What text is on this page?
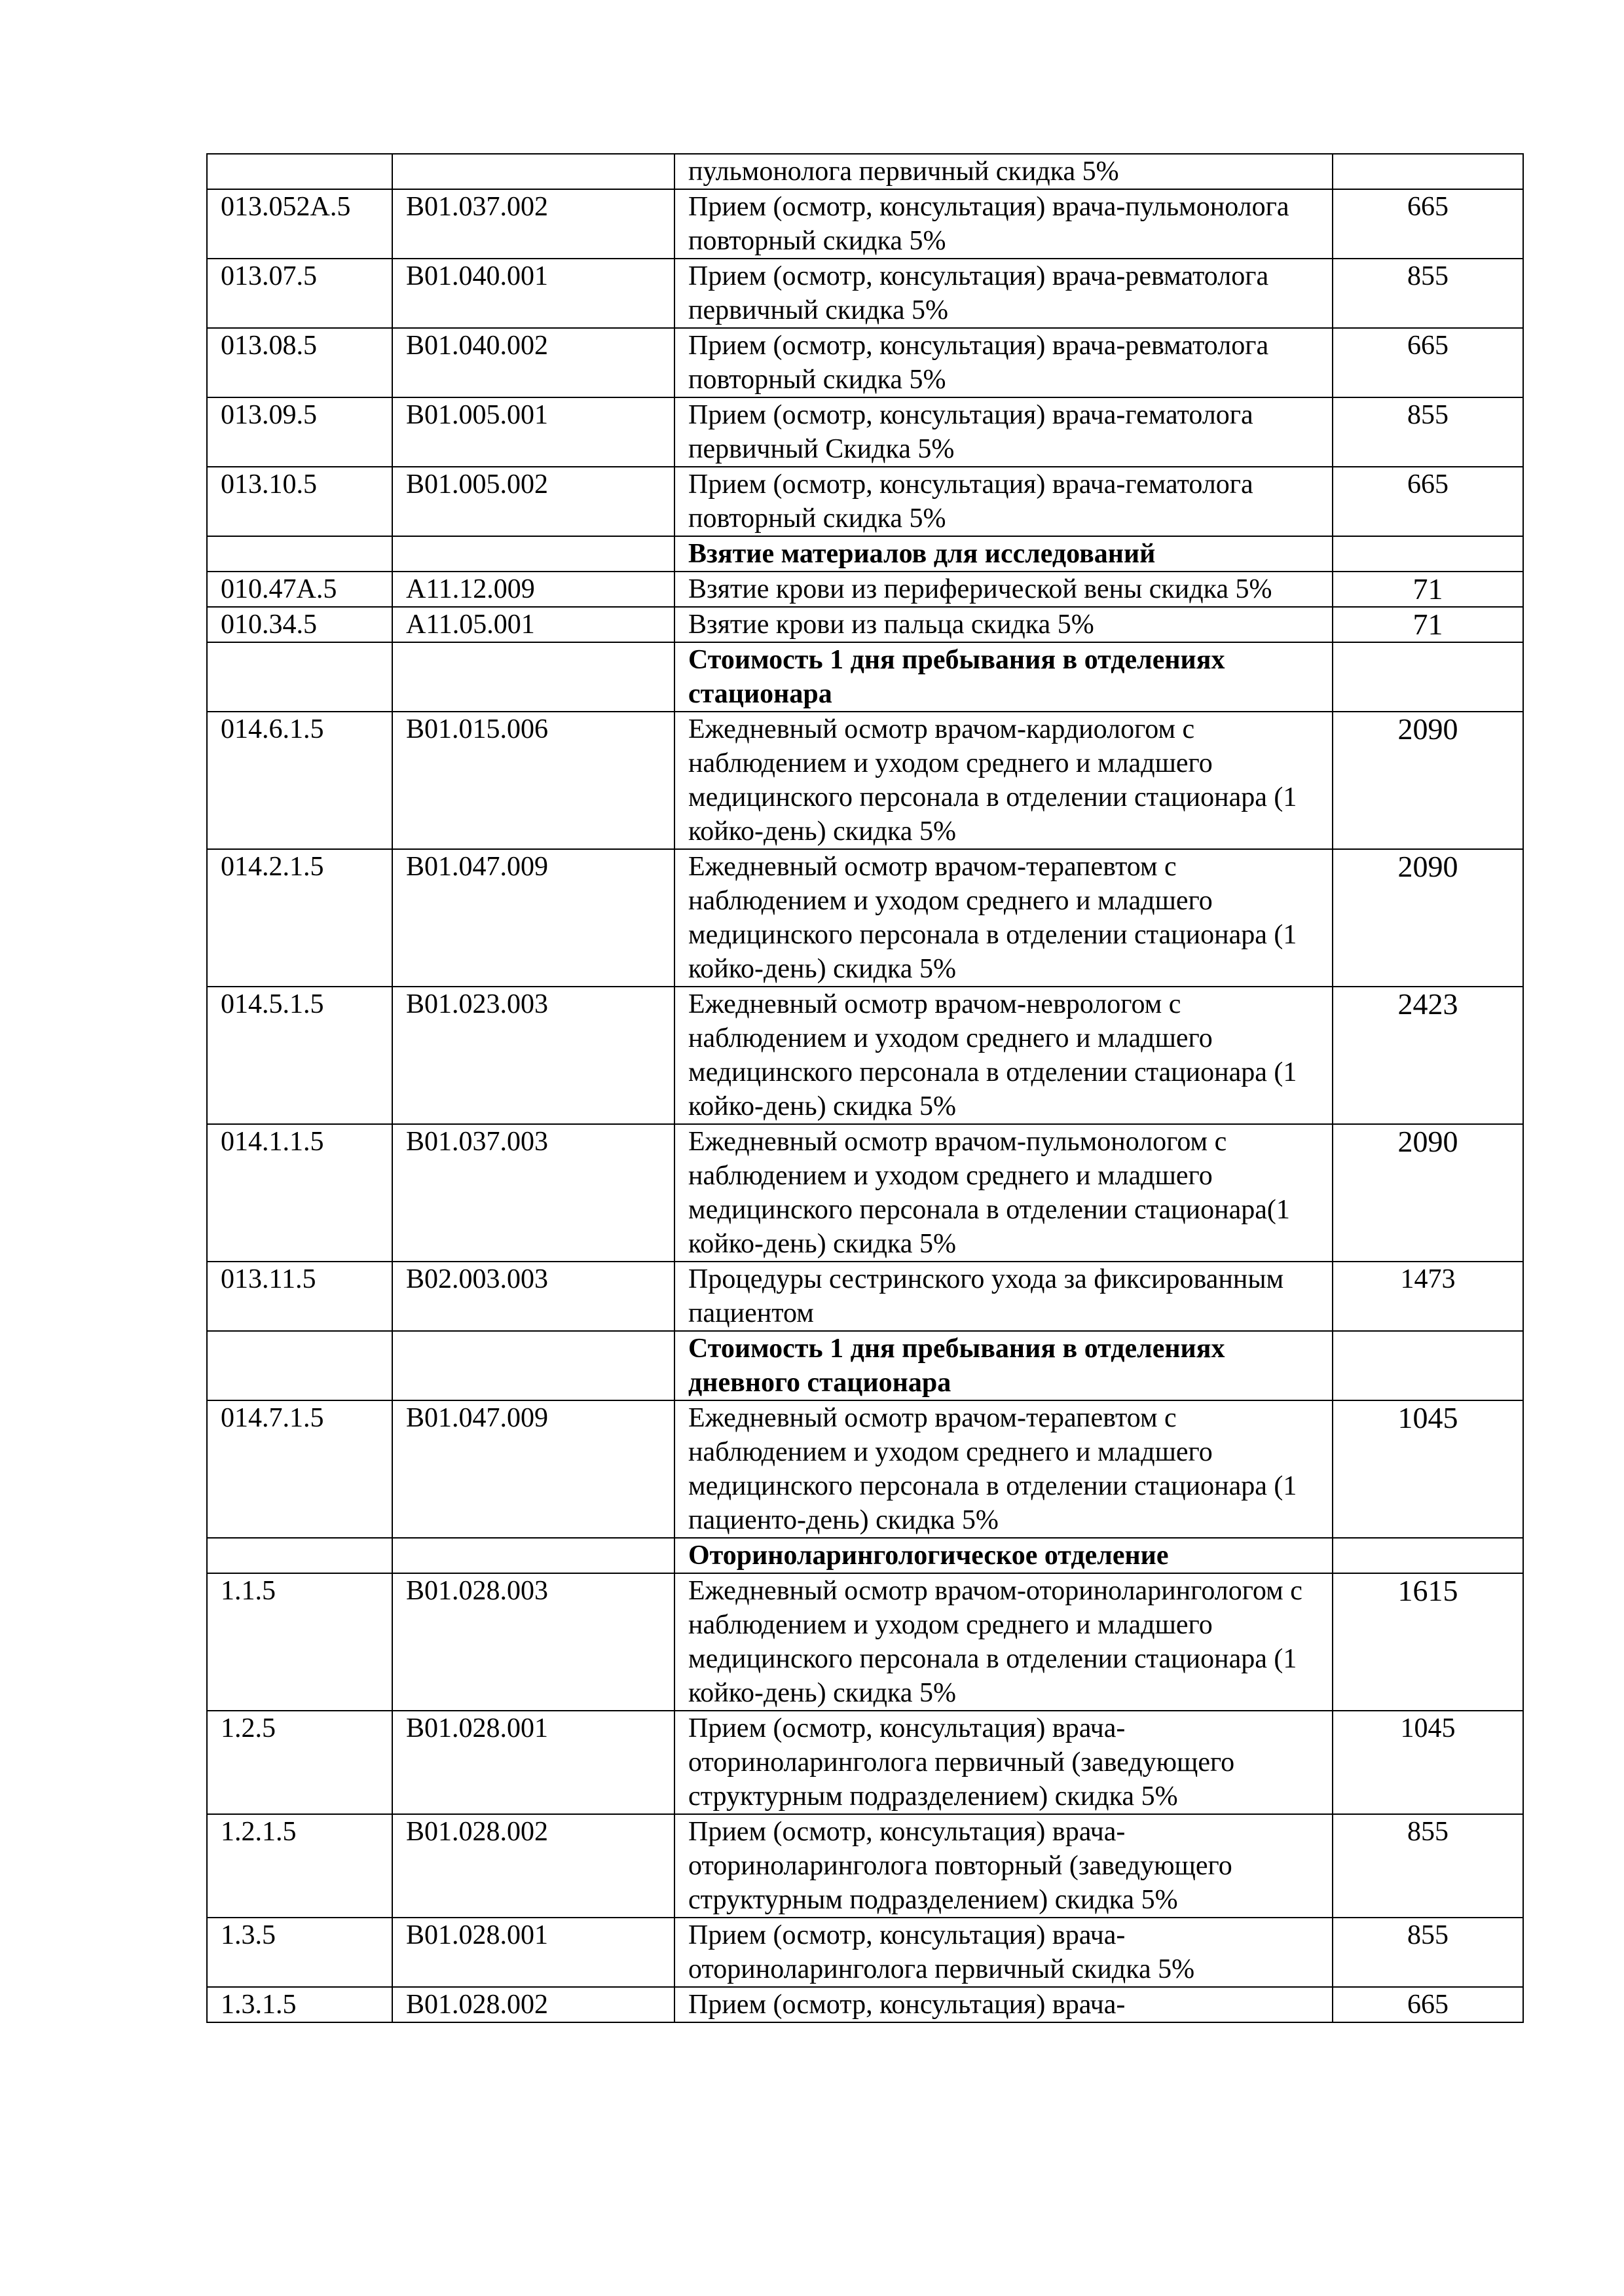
		пульмонолога первичный скидка 5%	
013.052А.5	В01.037.002	Прием (осмотр, консультация) врача-пульмонолога повторный скидка 5%	665
013.07.5	В01.040.001	Прием (осмотр, консультация) врача-ревматолога первичный скидка 5%	855
013.08.5	В01.040.002	Прием (осмотр, консультация) врача-ревматолога повторный скидка 5%	665
013.09.5	В01.005.001	Прием (осмотр, консультация) врача-гематолога первичный Скидка 5%	855
013.10.5	В01.005.002	Прием (осмотр, консультация) врача-гематолога повторный скидка 5%	665
		Взятие материалов для исследований	
010.47А.5	А11.12.009	Взятие крови из периферической вены скидка 5%	71
010.34.5	А11.05.001	Взятие крови из пальца скидка 5%	71
		Стоимость 1 дня пребывания в отделениях стационара	
014.6.1.5	В01.015.006	Ежедневный осмотр врачом-кардиологом с наблюдением и уходом среднего и младшего медицинского персонала в отделении стационара (1 койко-день) скидка 5%	2090
014.2.1.5	В01.047.009	Ежедневный осмотр врачом-терапевтом с наблюдением и уходом среднего и младшего медицинского персонала в отделении стационара (1 койко-день) скидка 5%	2090
014.5.1.5	В01.023.003	Ежедневный осмотр врачом-неврологом с наблюдением и уходом среднего и младшего медицинского персонала в отделении стационара (1 койко-день) скидка 5%	2423
014.1.1.5	В01.037.003	Ежедневный осмотр врачом-пульмонологом с наблюдением и уходом среднего и младшего медицинского персонала в отделении стационара(1 койко-день) скидка 5%	2090
013.11.5	В02.003.003	Процедуры сестринского ухода за фиксированным пациентом	1473
		Стоимость 1 дня пребывания в отделениях дневного стационара	
014.7.1.5	В01.047.009	Ежедневный осмотр врачом-терапевтом с наблюдением и уходом среднего и младшего медицинского персонала в отделении стационара (1 пациенто-день) скидка 5%	1045
		Оториноларингологическое отделение	
1.1.5	В01.028.003	Ежедневный осмотр врачом-оториноларингологом с наблюдением и уходом среднего и младшего медицинского персонала в отделении стационара (1 койко-день) скидка 5%	1615
1.2.5	В01.028.001	Прием (осмотр, консультация) врача-оториноларинголога первичный (заведующего структурным подразделением) скидка 5%	1045
1.2.1.5	В01.028.002	Прием (осмотр, консультация) врача-оториноларинголога повторный (заведующего структурным подразделением) скидка 5%	855
1.3.5	В01.028.001	Прием (осмотр, консультация) врача-оториноларинголога первичный скидка 5%	855
1.3.1.5	В01.028.002	Прием (осмотр, консультация) врача-	665
